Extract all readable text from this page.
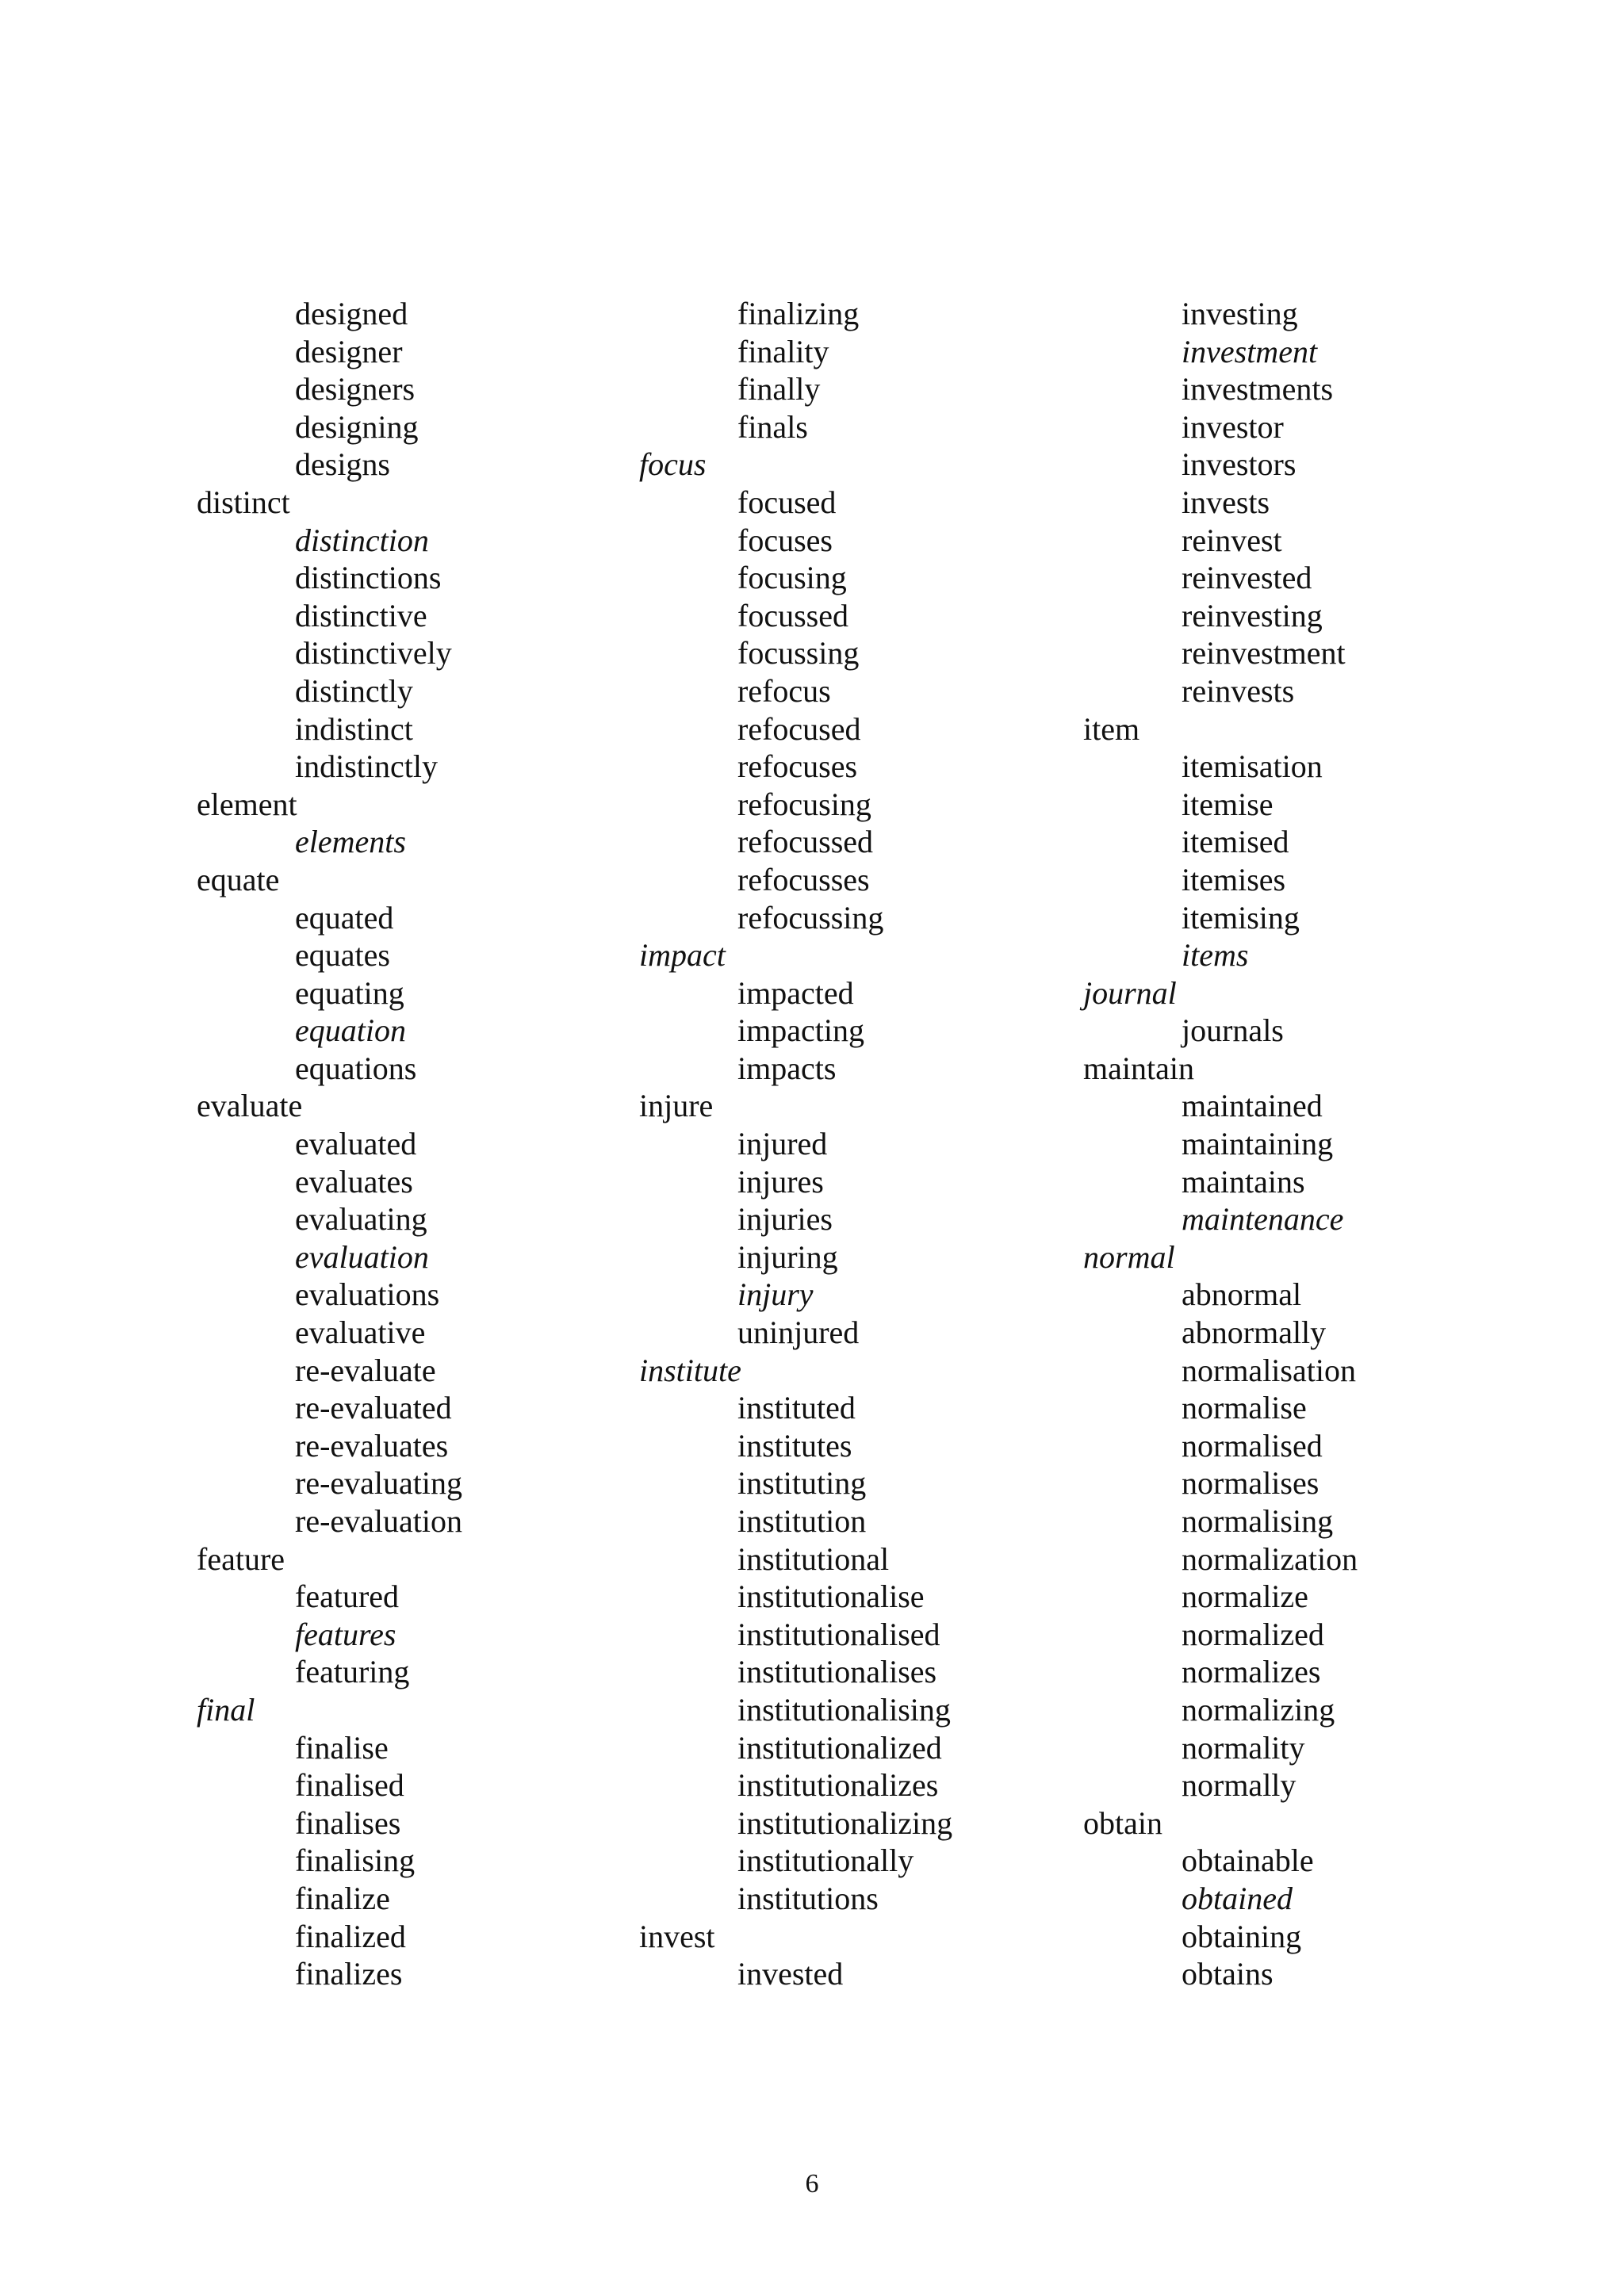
designed
designer
designers
designing
designs
distinct
distinction
distinctions
distinctive
distinctively
distinctly
indistinct
indistinctly
element
elements
equate
equated
equates
equating
equation
equations
evaluate
evaluated
evaluates
evaluating
evaluation
evaluations
evaluative
re-evaluate
re-evaluated
re-evaluates
re-evaluating
re-evaluation
feature
featured
features
featuring
final
finalise
finalised
finalises
finalising
finalize
finalized
finalizes
finalizing
finality
finally
finals
focus
focused
focuses
focusing
focussed
focussing
refocus
refocused
refocuses
refocusing
refocussed
refocusses
refocussing
impact
impacted
impacting
impacts
injure
injured
injures
injuries
injuring
injury
uninjured
institute
instituted
institutes
instituting
institution
institutional
institutionalise
institutionalised
institutionalises
institutionalising
institutionalized
institutionalizes
institutionalizing
institutionally
institutions
invest
invested
investing
investment
investments
investor
investors
invests
reinvest
reinvested
reinvesting
reinvestment
reinvests
item
itemisation
itemise
itemised
itemises
itemising
items
journal
journals
maintain
maintained
maintaining
maintains
maintenance
normal
abnormal
abnormally
normalisation
normalise
normalised
normalises
normalising
normalization
normalize
normalized
normalizes
normalizing
normality
normally
obtain
obtainable
obtained
obtaining
obtains
6
